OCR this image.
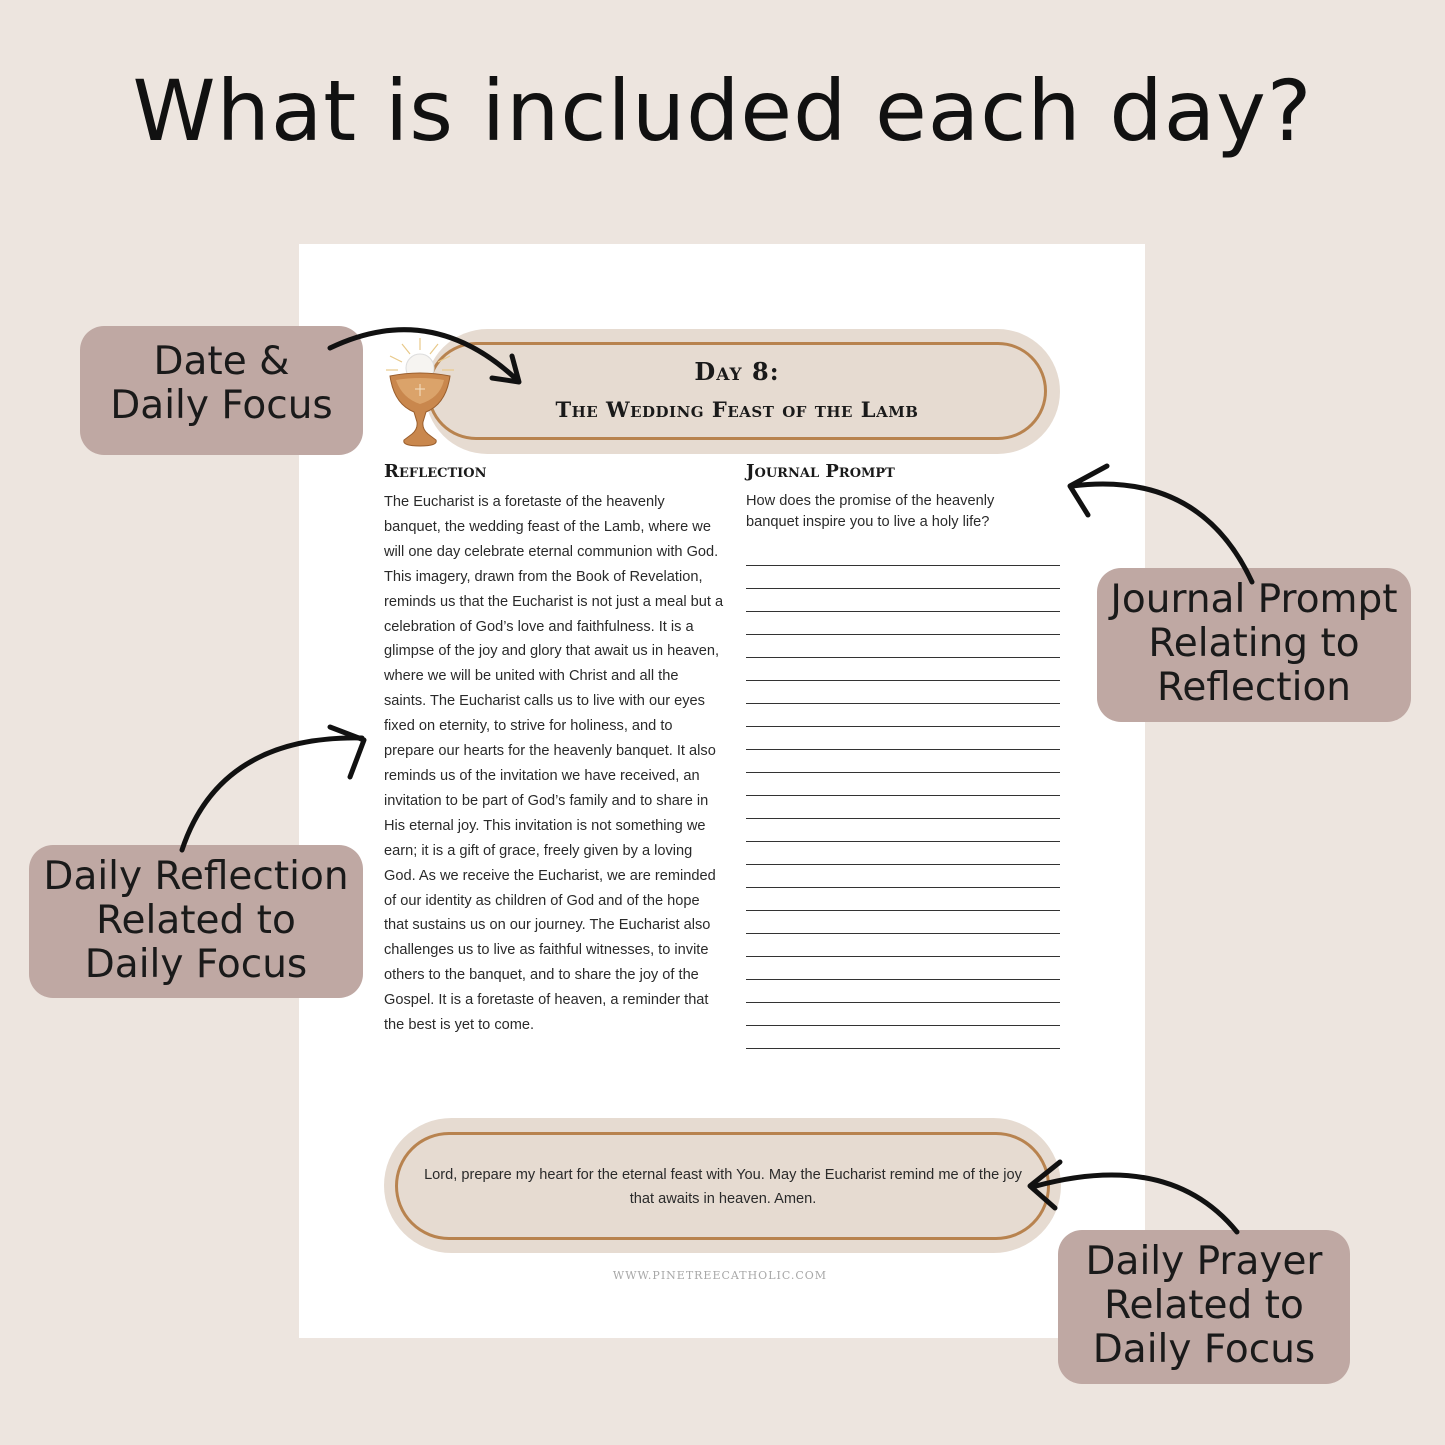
What is included each day?
Day 8:
The Wedding Feast of the Lamb
Reflection
The Eucharist is a foretaste of the heavenly banquet, the wedding feast of the Lamb, where we will one day celebrate eternal communion with God. This imagery, drawn from the Book of Revelation, reminds us that the Eucharist is not just a meal but a celebration of God’s love and faithfulness. It is a glimpse of the joy and glory that await us in heaven, where we will be united with Christ and all the saints. The Eucharist calls us to live with our eyes fixed on eternity, to strive for holiness, and to prepare our hearts for the heavenly banquet. It also reminds us of the invitation we have received, an invitation to be part of God’s family and to share in His eternal joy. This invitation is not something we earn; it is a gift of grace, freely given by a loving God. As we receive the Eucharist, we are reminded of our identity as children of God and of the hope that sustains us on our journey. The Eucharist also challenges us to live as faithful witnesses, to invite others to the banquet, and to share the joy of the Gospel. It is a foretaste of heaven, a reminder that the best is yet to come.
Journal Prompt
How does the promise of the heavenly banquet inspire you to live a holy life?
Lord, prepare my heart for the eternal feast with You. May the Eucharist remind me of the joy that awaits in heaven. Amen.
WWW.PINETREECATHOLIC.COM
Date &
Daily Focus
Journal Prompt
Relating to
Reflection
Daily Reflection
Related to
Daily Focus
Daily Prayer
Related to
Daily Focus
